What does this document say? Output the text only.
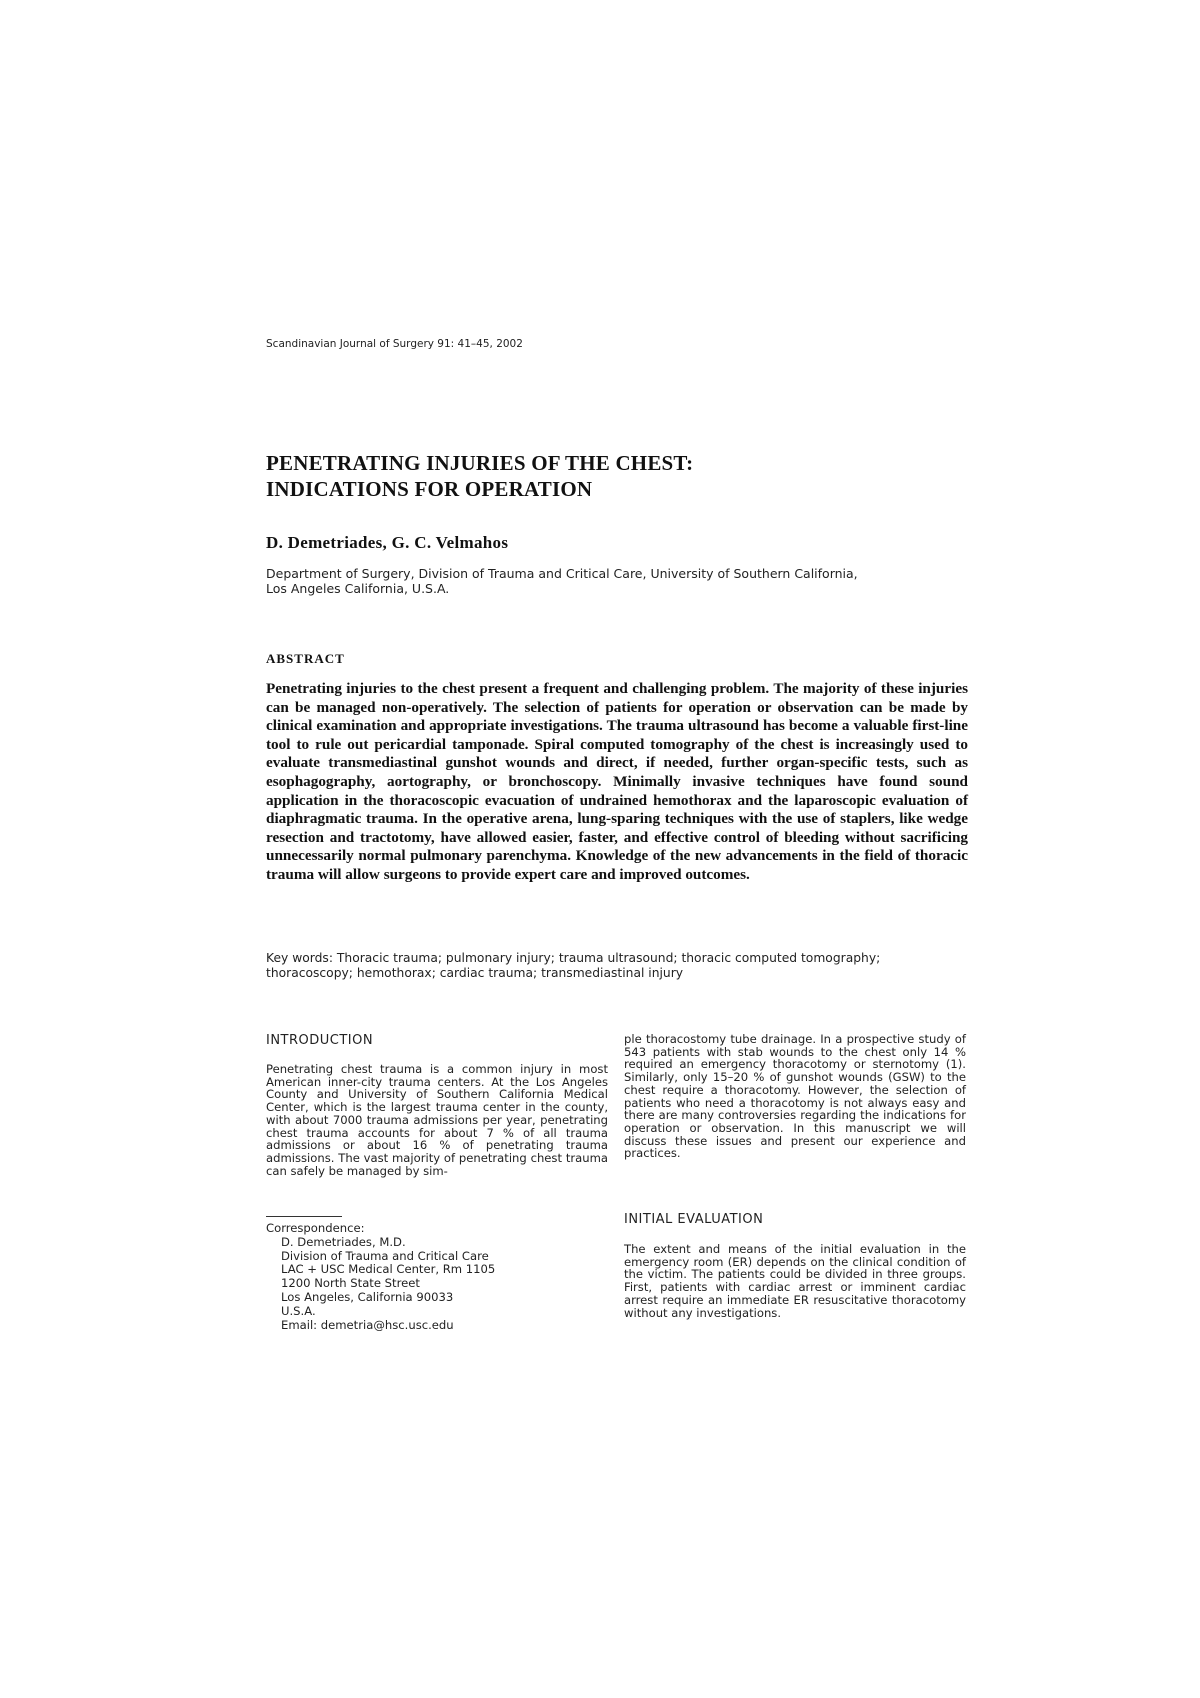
Scandinavian Journal of Surgery 91: 41–45, 2002
PENETRATING INJURIES OF THE CHEST:
INDICATIONS FOR OPERATION
D. Demetriades, G. C. Velmahos
Department of Surgery, Division of Trauma and Critical Care, University of Southern California,
Los Angeles California, U.S.A.
ABSTRACT

Penetrating injuries to the chest present a frequent and challenging problem. The majority of these injuries can be managed non-operatively. The selection of patients for operation or observation can be made by clinical examination and appropriate investigations. The trauma ultrasound has become a valuable first-line tool to rule out pericardial tamponade. Spiral computed tomography of the chest is increasingly used to evaluate transmediastinal gunshot wounds and direct, if needed, further organ-specific tests, such as esophagography, aortography, or bronchoscopy. Minimally invasive techniques have found sound application in the thoracoscopic evacuation of undrained hemothorax and the laparoscopic evaluation of diaphragmatic trauma. In the operative arena, lung-sparing techniques with the use of staplers, like wedge resection and tractotomy, have allowed easier, faster, and effective control of bleeding without sacrificing unnecessarily normal pulmonary parenchyma. Knowledge of the new advancements in the field of thoracic trauma will allow surgeons to provide expert care and improved outcomes.

Key words: Thoracic trauma; pulmonary injury; trauma ultrasound; thoracic computed tomography; thoracoscopy; hemothorax; cardiac trauma; transmediastinal injury

INTRODUCTION

Penetrating chest trauma is a common injury in most American inner-city trauma centers. At the Los Angeles County and University of Southern California Medical Center, which is the largest trauma center in the county, with about 7000 trauma admissions per year, penetrating chest trauma accounts for about 7 % of all trauma admissions or about 16 % of penetrating trauma admissions. The vast majority of penetrating chest trauma can safely be managed by sim-

Correspondence:
D. Demetriades, M.D.
Division of Trauma and Critical Care
LAC + USC Medical Center, Rm 1105
1200 North State Street
Los Angeles, California 90033
U.S.A.
Email: demetria@hsc.usc.edu

ple thoracostomy tube drainage. In a prospective study of 543 patients with stab wounds to the chest only 14 % required an emergency thoracotomy or sternotomy (1). Similarly, only 15–20 % of gunshot wounds (GSW) to the chest require a thoracotomy. However, the selection of patients who need a thoracotomy is not always easy and there are many controversies regarding the indications for operation or observation. In this manuscript we will discuss these issues and present our experience and practices.

INITIAL EVALUATION

The extent and means of the initial evaluation in the emergency room (ER) depends on the clinical condition of the victim. The patients could be divided in three groups. First, patients with cardiac arrest or imminent cardiac arrest require an immediate ER resuscitative thoracotomy without any investigations.
